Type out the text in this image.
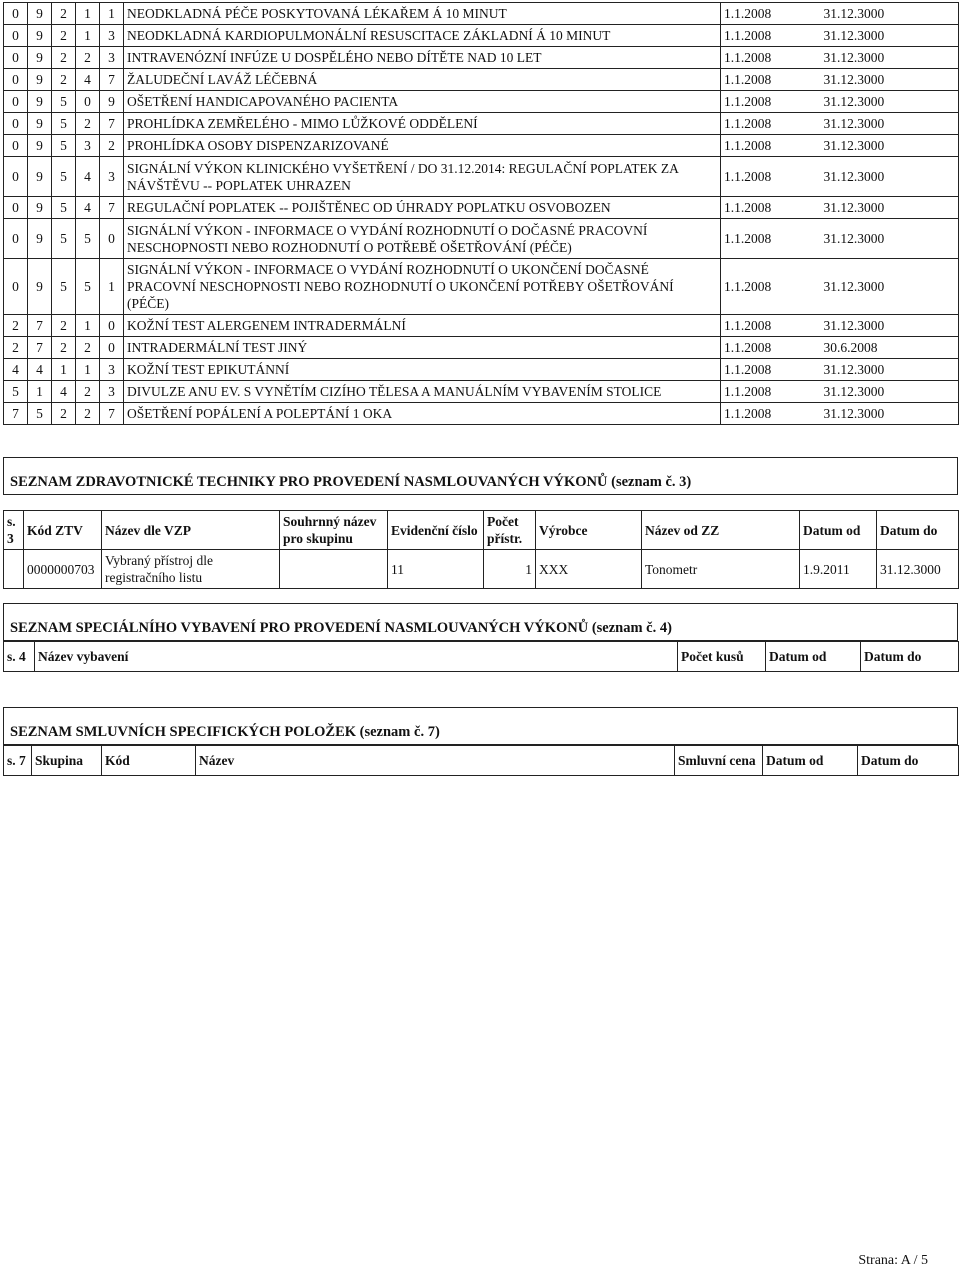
0	9	2	1	1	NEODKLADNÁ PÉČE POSKYTOVANÁ LÉKAŘEM Á 10 MINUT	1.1.2008	31.12.3000
0	9	2	1	3	NEODKLADNÁ KARDIOPULMONÁLNÍ RESUSCITACE ZÁKLADNÍ Á 10 MINUT	1.1.2008	31.12.3000
0	9	2	2	3	INTRAVENÓZNÍ INFÚZE U DOSPĚLÉHO NEBO DÍTĚTE NAD 10 LET	1.1.2008	31.12.3000
0	9	2	4	7	ŽALUDEČNÍ LAVÁŽ LÉČEBNÁ	1.1.2008	31.12.3000
0	9	5	0	9	OŠETŘENÍ HANDICAPOVANÉHO PACIENTA	1.1.2008	31.12.3000
0	9	5	2	7	PROHLÍDKA ZEMŘELÉHO - MIMO LŮŽKOVÉ ODDĚLENÍ	1.1.2008	31.12.3000
0	9	5	3	2	PROHLÍDKA OSOBY DISPENZARIZOVANÉ	1.1.2008	31.12.3000
0	9	5	4	3	SIGNÁLNÍ VÝKON KLINICKÉHO VYŠETŘENÍ / DO 31.12.2014: REGULAČNÍ POPLATEK ZA NÁVŠTĚVU -- POPLATEK UHRAZEN	1.1.2008	31.12.3000
0	9	5	4	7	REGULAČNÍ POPLATEK -- POJIŠTĚNEC OD ÚHRADY POPLATKU OSVOBOZEN	1.1.2008	31.12.3000
0	9	5	5	0	SIGNÁLNÍ VÝKON - INFORMACE O VYDÁNÍ ROZHODNUTÍ O DOČASNÉ PRACOVNÍ NESCHOPNOSTI NEBO ROZHODNUTÍ O POTŘEBĚ OŠETŘOVÁNÍ (PÉČE)	1.1.2008	31.12.3000
0	9	5	5	1	SIGNÁLNÍ VÝKON - INFORMACE O VYDÁNÍ ROZHODNUTÍ O UKONČENÍ DOČASNÉ PRACOVNÍ NESCHOPNOSTI NEBO ROZHODNUTÍ O UKONČENÍ POTŘEBY OŠETŘOVÁNÍ (PÉČE)	1.1.2008	31.12.3000
2	7	2	1	0	KOŽNÍ TEST ALERGENEM INTRADERMÁLNÍ	1.1.2008	31.12.3000
2	7	2	2	0	INTRADERMÁLNÍ TEST JINÝ	1.1.2008	30.6.2008
4	4	1	1	3	KOŽNÍ TEST EPIKUTÁNNÍ	1.1.2008	31.12.3000
5	1	4	2	3	DIVULZE ANU EV. S VYNĚTÍM CIZÍHO TĚLESA A MANUÁLNÍM VYBAVENÍM STOLICE	1.1.2008	31.12.3000
7	5	2	2	7	OŠETŘENÍ POPÁLENÍ A POLEPTÁNÍ 1 OKA	1.1.2008	31.12.3000
SEZNAM ZDRAVOTNICKÉ TECHNIKY PRO PROVEDENÍ NASMLOUVANÝCH VÝKONŮ (seznam č. 3)
s. 3	Kód ZTV	Název dle VZP	Souhrnný název pro skupinu	Evidenční číslo	Počet přístr.	Výrobce	Název od ZZ	Datum od	Datum do
	0000000703	Vybraný přístroj dle registračního listu		11	1	XXX	Tonometr	1.9.2011	31.12.3000
SEZNAM SPECIÁLNÍHO VYBAVENÍ PRO PROVEDENÍ NASMLOUVANÝCH VÝKONŮ (seznam č. 4)
s. 4	Název vybavení	Počet kusů	Datum od	Datum do
SEZNAM SMLUVNÍCH SPECIFICKÝCH POLOŽEK (seznam č. 7)
s. 7	Skupina	Kód	Název	Smluvní cena	Datum od	Datum do
Strana: A / 5
